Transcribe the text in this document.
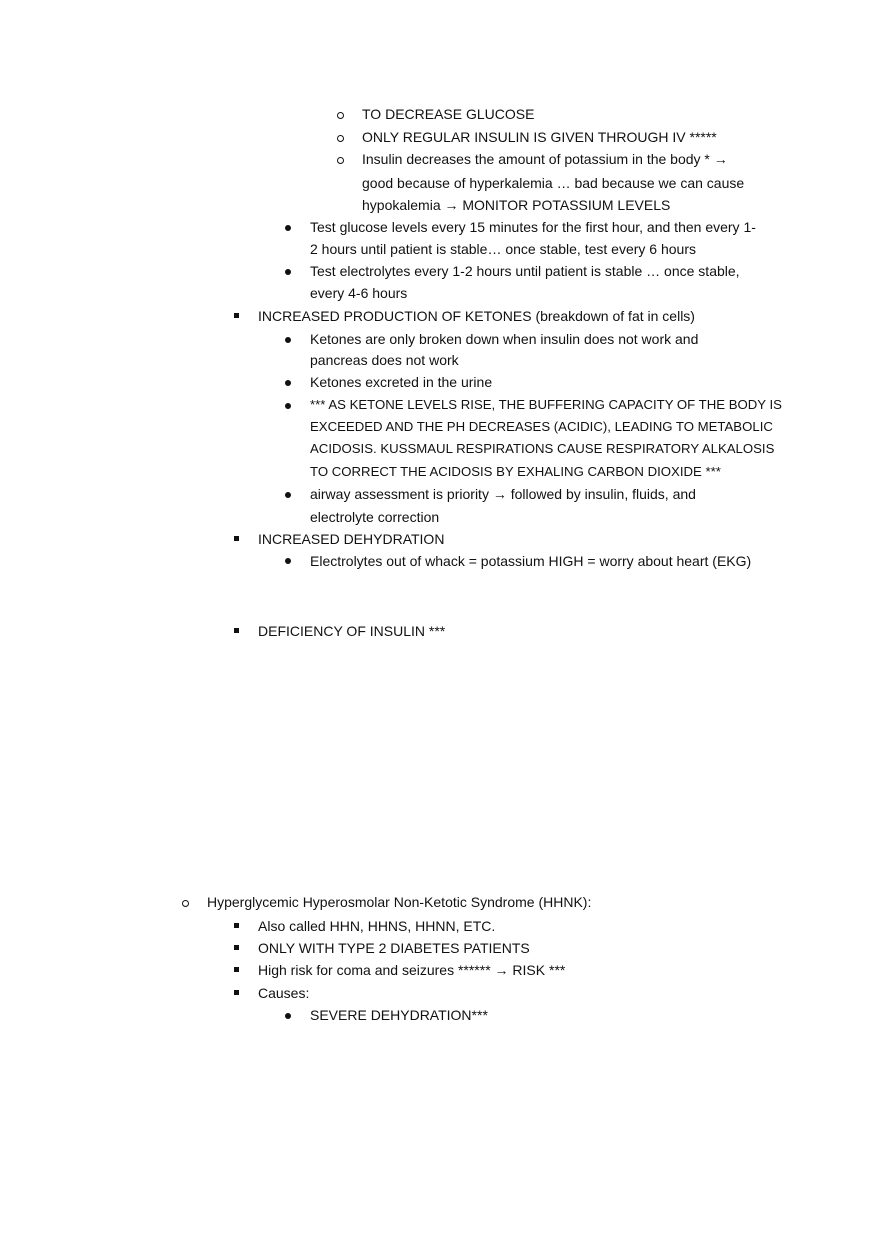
TO DECREASE GLUCOSE
ONLY REGULAR INSULIN IS GIVEN THROUGH IV *****
Insulin decreases the amount of potassium in the body * →
good because of hyperkalemia … bad because we can cause
hypokalemia → MONITOR POTASSIUM LEVELS
Test glucose levels every 15 minutes for the first hour, and then every 1-
2 hours until patient is stable… once stable, test every 6 hours
Test electrolytes every 1-2 hours until patient is stable … once stable,
every 4-6 hours
INCREASED PRODUCTION OF KETONES (breakdown of fat in cells)
Ketones are only broken down when insulin does not work and
pancreas does not work
Ketones excreted in the urine
*** AS KETONE LEVELS RISE, THE BUFFERING CAPACITY OF THE BODY IS
EXCEEDED AND THE PH DECREASES (ACIDIC), LEADING TO METABOLIC
ACIDOSIS. KUSSMAUL RESPIRATIONS CAUSE RESPIRATORY ALKALOSIS
TO CORRECT THE ACIDOSIS BY EXHALING CARBON DIOXIDE ***
airway assessment is priority → followed by insulin, fluids, and
electrolyte correction
INCREASED DEHYDRATION
Electrolytes out of whack = potassium HIGH = worry about heart (EKG)
DEFICIENCY OF INSULIN ***
Hyperglycemic Hyperosmolar Non-Ketotic Syndrome (HHNK):
Also called HHN, HHNS, HHNN, ETC.
ONLY WITH TYPE 2 DIABETES PATIENTS
High risk for coma and seizures ****** → RISK ***
Causes:
SEVERE DEHYDRATION***
